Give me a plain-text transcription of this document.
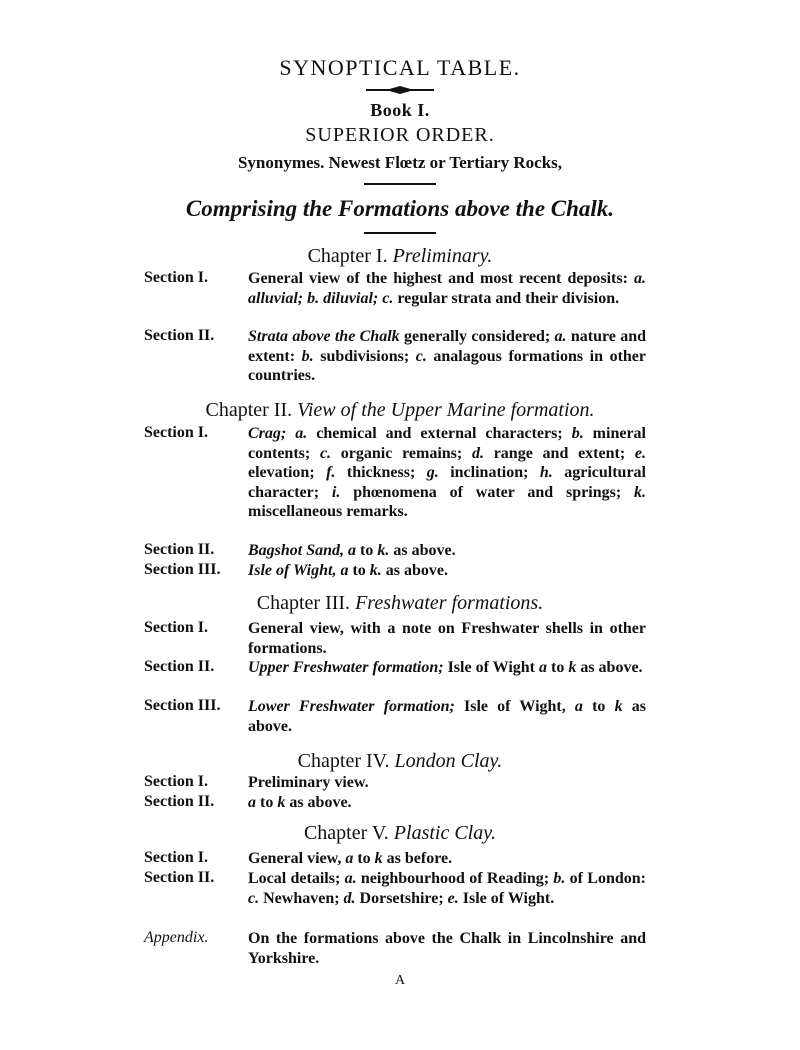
SYNOPTICAL TABLE.
Book I.
SUPERIOR ORDER.
Synonymes. Newest Flœtz or Tertiary Rocks,
Comprising the Formations above the Chalk.
Chapter I. Preliminary.
Section I.	General view of the highest and most recent deposits: a. alluvial; b. diluvial; c. regular strata and their division.
Section II. Strata above the Chalk generally considered; a. nature and extent: b. subdivisions; c. analagous formations in other countries.
Chapter II. View of the Upper Marine formation.
Section I.	Crag; a. chemical and external characters; b. mineral contents; c. organic remains; d. range and extent; e. elevation; f. thickness; g. inclination; h. agricultural character; i. phœnomena of water and springs; k. miscellaneous remarks.
Section II. Bagshot Sand, a to k. as above.
Section III. Isle of Wight, a to k. as above.
Chapter III. Freshwater formations.
Section I.	General view, with a note on Freshwater shells in other formations.
Section II. Upper Freshwater formation; Isle of Wight a to k as above.
Section III. Lower Freshwater formation; Isle of Wight, a to k as above.
Chapter IV. London Clay.
Section I.	Preliminary view.
Section II. a to k as above.
Chapter V. Plastic Clay.
Section I.	General view, a to k as before.
Section II. Local details; a. neighbourhood of Reading; b. of London: c. Newhaven; d. Dorsetshire; e. Isle of Wight.
Appendix. On the formations above the Chalk in Lincolnshire and Yorkshire.
A
